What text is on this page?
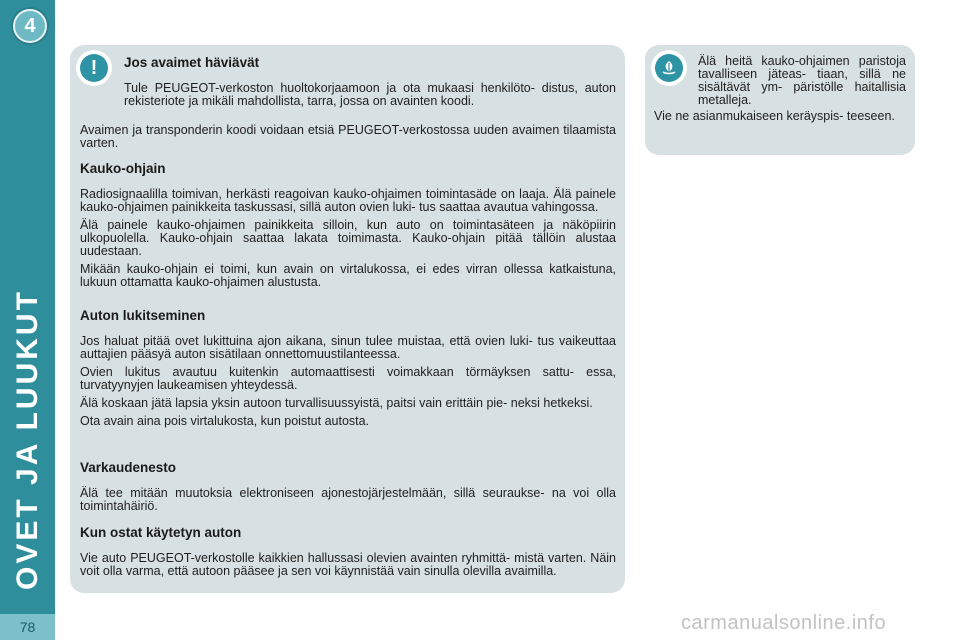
4
OVET JA LUUKUT
78
!	Jos avaimet häviävät
Tule PEUGEOT-verkoston huoltokorjaamoon ja ota mukaasi henkilöto- distus, auton rekisteriote ja mikäli mahdollista, tarra, jossa on avainten koodi.
Avaimen ja transponderin koodi voidaan etsiä PEUGEOT-verkostossa uuden avaimen tilaamista varten.
Kauko-ohjain
Radiosignaalilla toimivan, herkästi reagoivan kauko-ohjaimen toimintasäde on laaja. Älä painele kauko-ohjaimen painikkeita taskussasi, sillä auton ovien luki- tus saattaa avautua vahingossa.
Älä painele kauko-ohjaimen painikkeita silloin, kun auto on toimintasäteen ja näköpiirin ulkopuolella. Kauko-ohjain saattaa lakata toimimasta. Kauko-ohjain pitää tällöin alustaa uudestaan.
Mikään kauko-ohjain ei toimi, kun avain on virtalukossa, ei edes virran ollessa katkaistuna, lukuun ottamatta kauko-ohjaimen alustusta.
Auton lukitseminen
Jos haluat pitää ovet lukittuina ajon aikana, sinun tulee muistaa, että ovien luki- tus vaikeuttaa auttajien pääsyä auton sisätilaan onnettomuustilanteessa.
Ovien lukitus avautuu kuitenkin automaattisesti voimakkaan törmäyksen sattu- essa, turvatyynyjen laukeamisen yhteydessä.
Älä koskaan jätä lapsia yksin autoon turvallisuussyistä, paitsi vain erittäin pie- neksi hetkeksi.
Ota avain aina pois virtalukosta, kun poistut autosta.
Varkaudenesto
Älä tee mitään muutoksia elektroniseen ajonestojärjestelmään, sillä seuraukse- na voi olla toimintahäiriö.
Kun ostat käytetyn auton
Vie auto PEUGEOT-verkostolle kaikkien hallussasi olevien avainten ryhmittä- mistä varten. Näin voit olla varma, että autoon pääsee ja sen voi käynnistää vain sinulla olevilla avaimilla.
Älä heitä kauko-ohjaimen paristoja tavalliseen jäteas- tiaan, sillä ne sisältävät ym- päristölle haitallisia metalleja.
Vie ne asianmukaiseen keräyspis- teeseen.
carmanualsonline.info
